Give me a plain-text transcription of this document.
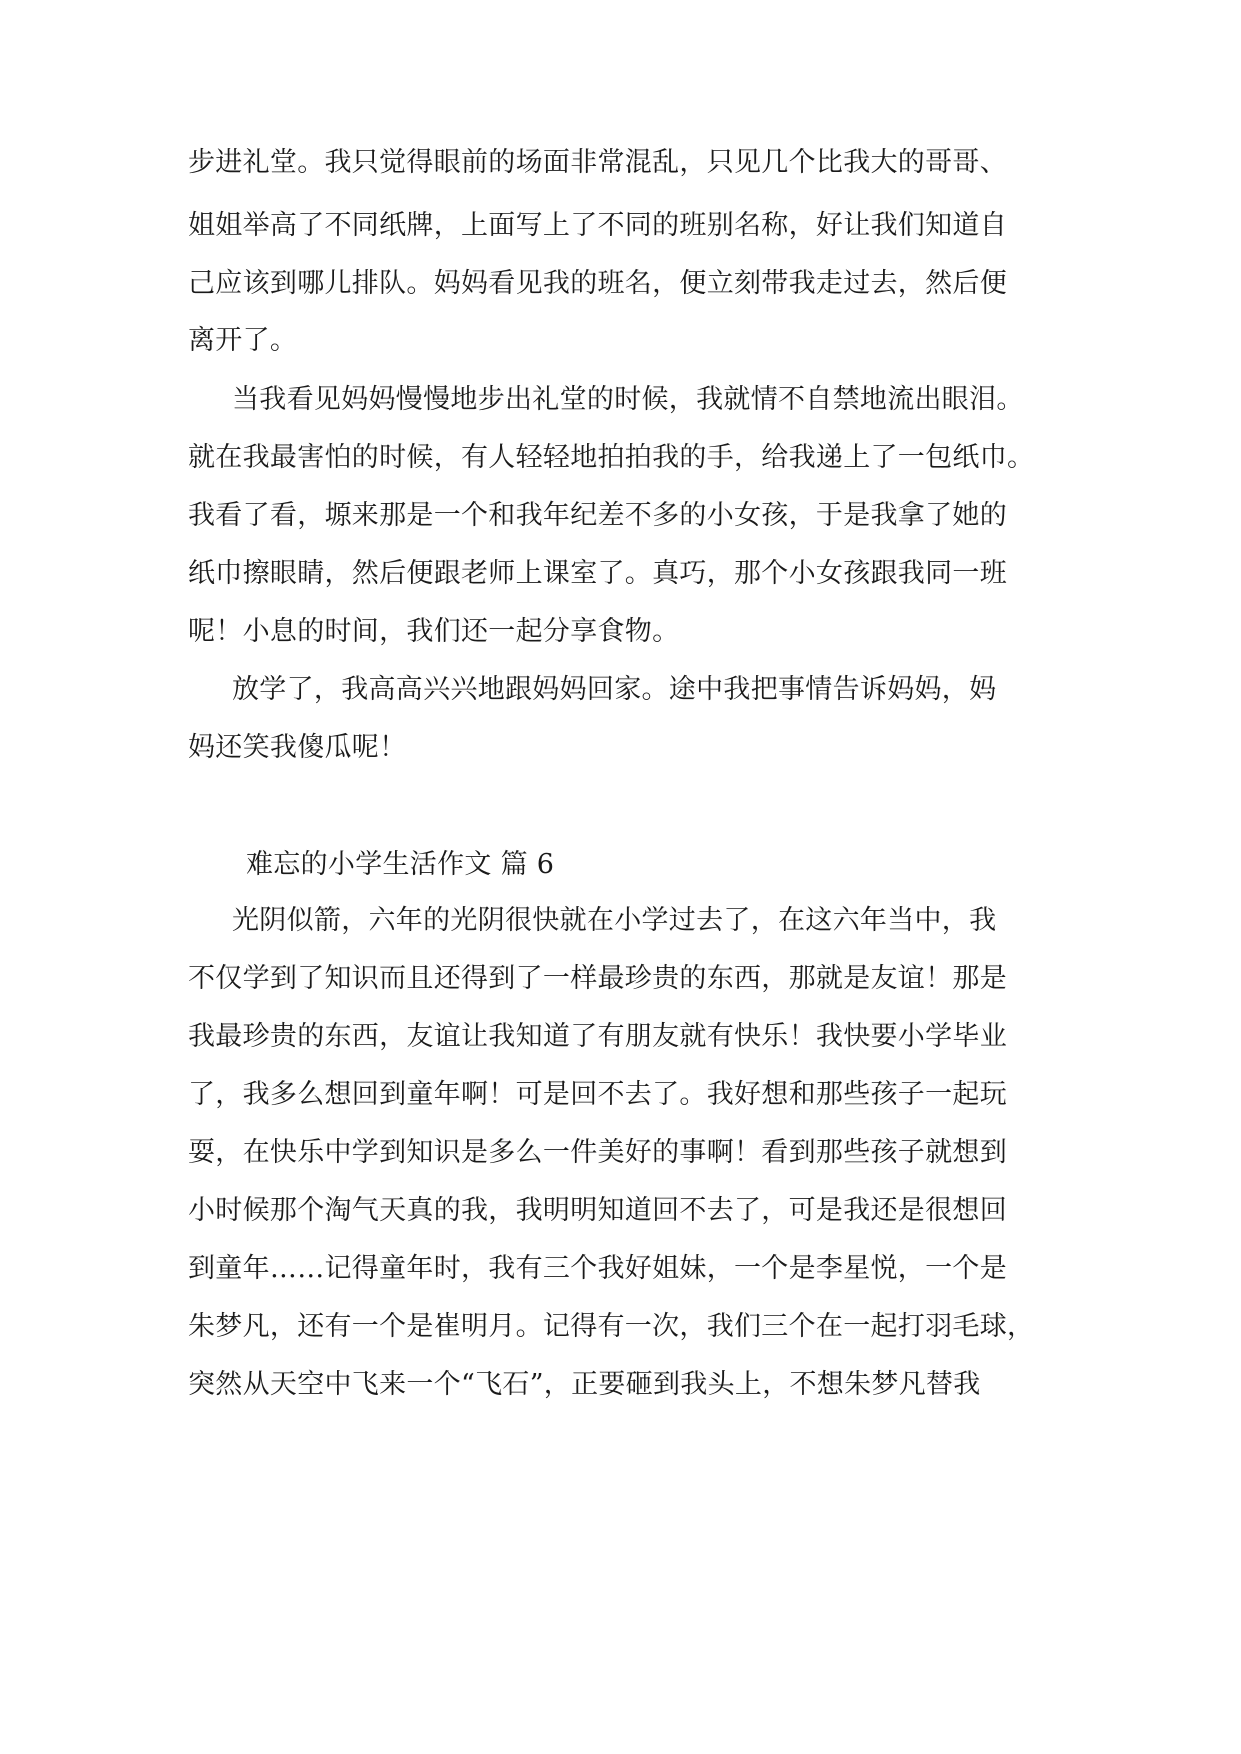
步进礼堂。我只觉得眼前的场面非常混乱，只见几个比我大的哥哥、
姐姐举高了不同纸牌，上面写上了不同的班别名称，好让我们知道自
己应该到哪儿排队。妈妈看见我的班名，便立刻带我走过去，然后便
离开了。
当我看见妈妈慢慢地步出礼堂的时候，我就情不自禁地流出眼泪。
就在我最害怕的时候，有人轻轻地拍拍我的手，给我递上了一包纸巾。
我看了看，塬来那是一个和我年纪差不多的小女孩，于是我拿了她的
纸巾擦眼睛，然后便跟老师上课室了。真巧，那个小女孩跟我同一班
呢！小息的时间，我们还一起分享食物。
放学了，我高高兴兴地跟妈妈回家。途中我把事情告诉妈妈，妈
妈还笑我傻瓜呢！
难忘的小学生活作文 篇 6
光阴似箭，六年的光阴很快就在小学过去了，在这六年当中，我
不仅学到了知识而且还得到了一样最珍贵的东西，那就是友谊！那是
我最珍贵的东西，友谊让我知道了有朋友就有快乐！我快要小学毕业
了，我多么想回到童年啊！可是回不去了。我好想和那些孩子一起玩
耍，在快乐中学到知识是多么一件美好的事啊！看到那些孩子就想到
小时候那个淘气天真的我，我明明知道回不去了，可是我还是很想回
到童年……记得童年时，我有三个我好姐妹，一个是李星悦，一个是
朱梦凡，还有一个是崔明月。记得有一次，我们三个在一起打羽毛球，
突然从天空中飞来一个“飞石”，正要砸到我头上，不想朱梦凡替我
